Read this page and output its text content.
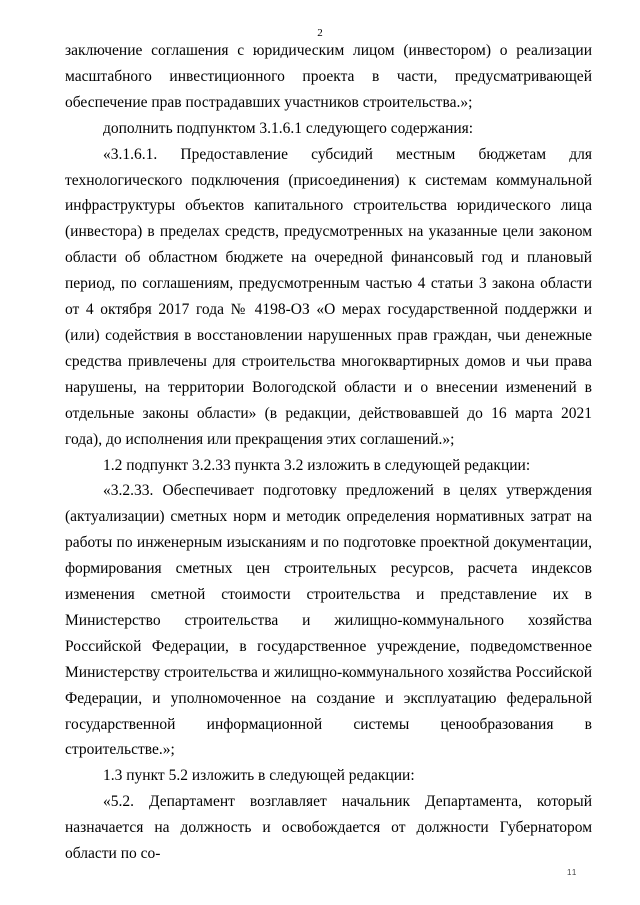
2

заключение соглашения с юридическим лицом (инвестором) о реализации масштабного инвестиционного проекта в части, предусматривающей обеспечение прав пострадавших участников строительства.»;

дополнить подпунктом 3.1.6.1 следующего содержания:

«3.1.6.1. Предоставление субсидий местным бюджетам для технологического подключения (присоединения) к системам коммунальной инфраструктуры объектов капитального строительства юридического лица (инвестора) в пределах средств, предусмотренных на указанные цели законом области об областном бюджете на очередной финансовый год и плановый период, по соглашениям, предусмотренным частью 4 статьи 3 закона области от 4 октября 2017 года № 4198-ОЗ «О мерах государственной поддержки и (или) содействия в восстановлении нарушенных прав граждан, чьи денежные средства привлечены для строительства многоквартирных домов и чьи права нарушены, на территории Вологодской области и о внесении изменений в отдельные законы области» (в редакции, действовавшей до 16 марта 2021 года), до исполнения или прекращения этих соглашений.»;

1.2 подпункт 3.2.33 пункта 3.2 изложить в следующей редакции:

«3.2.33. Обеспечивает подготовку предложений в целях утверждения (актуализации) сметных норм и методик определения нормативных затрат на работы по инженерным изысканиям и по подготовке проектной документации, формирования сметных цен строительных ресурсов, расчета индексов изменения сметной стоимости строительства и представление их в Министерство строительства и жилищно-коммунального хозяйства Российской Федерации, в государственное учреждение, подведомственное Министерству строительства и жилищно-коммунального хозяйства Российской Федерации, и уполномоченное на создание и эксплуатацию федеральной государственной информационной системы ценообразования в строительстве.»;

1.3 пункт 5.2 изложить в следующей редакции:

«5.2. Департамент возглавляет начальник Департамента, который назначается на должность и освобождается от должности Губернатором области по со-

11
